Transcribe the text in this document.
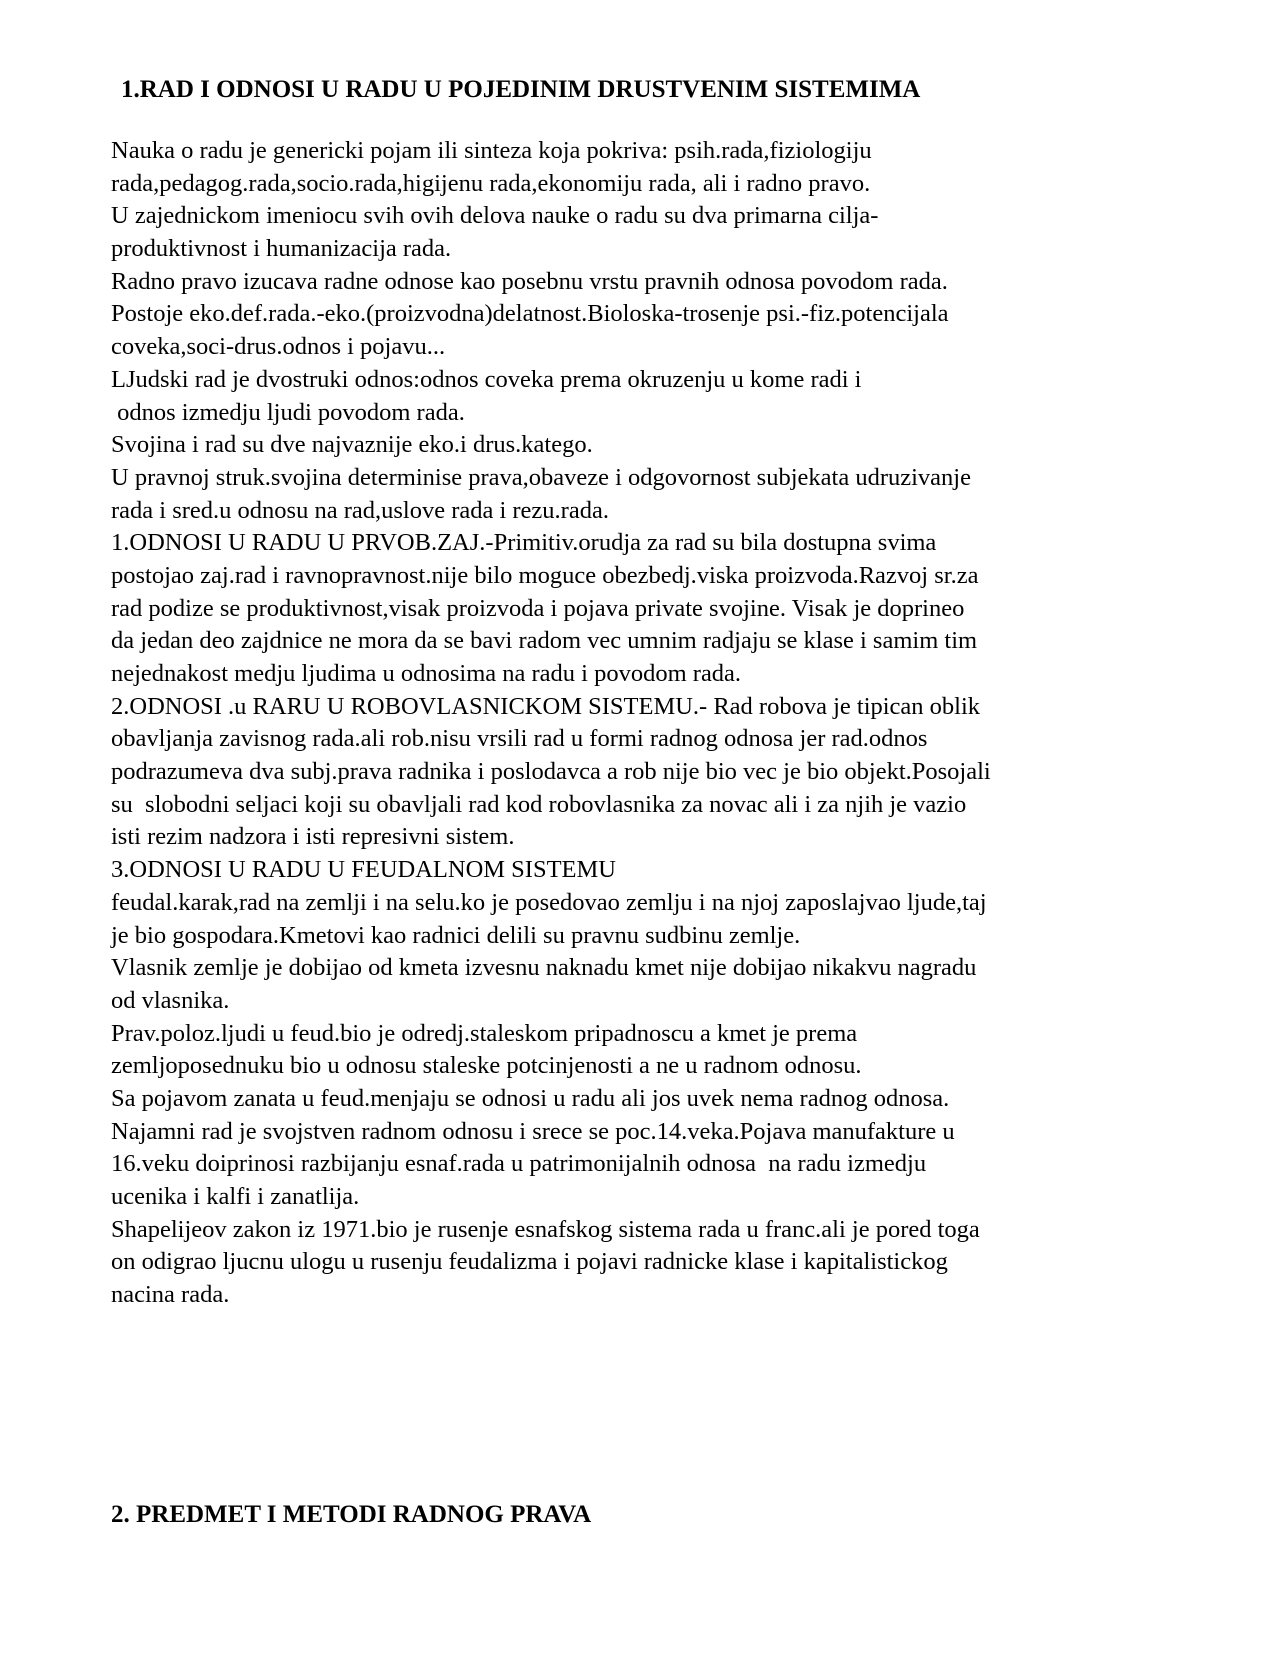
1.RAD I ODNOSI U RADU U POJEDINIM DRUSTVENIM SISTEMIMA
Nauka o radu je genericki pojam ili sinteza koja pokriva: psih.rada,fiziologiju
rada,pedagog.rada,socio.rada,higijenu rada,ekonomiju rada, ali i radno pravo.
U zajednickom imeniocu svih ovih delova nauke o radu su dva primarna cilja-
produktivnost i humanizacija rada.
Radno pravo izucava radne odnose kao posebnu vrstu pravnih odnosa povodom rada.
Postoje eko.def.rada.-eko.(proizvodna)delatnost.Bioloska-trosenje psi.-fiz.potencijala
coveka,soci-drus.odnos i pojavu...
LJudski rad je dvostruki odnos:odnos coveka prema okruzenju u kome radi i
odnos izmedju ljudi povodom rada.
Svojina i rad su dve najvaznije eko.i drus.katego.
U pravnoj struk.svojina determinise prava,obaveze i odgovornost subjekata udruzivanje
rada i sred.u odnosu na rad,uslove rada i rezu.rada.
1.ODNOSI U RADU U PRVOB.ZAJ.-Primitiv.orudja za rad su bila dostupna svima
postojao zaj.rad i ravnopravnost.nije bilo moguce obezbedj.viska proizvoda.Razvoj sr.za
rad podize se produktivnost,visak proizvoda i pojava private svojine. Visak je doprineo
da jedan deo zajdnice ne mora da se bavi radom vec umnim radjaju se klase i samim tim
nejednakost medju ljudima u odnosima na radu i povodom rada.
2.ODNOSI .u RARU U ROBOVLASNICKOM SISTEMU.- Rad robova je tipican oblik
obavljanja zavisnog rada.ali rob.nisu vrsili rad u formi radnog odnosa jer rad.odnos
podrazumeva dva subj.prava radnika i poslodavca a rob nije bio vec je bio objekt.Posojali
su  slobodni seljaci koji su obavljali rad kod robovlasnika za novac ali i za njih je vazio
isti rezim nadzora i isti represivni sistem.
3.ODNOSI U RADU U FEUDALNOM SISTEMU
feudal.karak,rad na zemlji i na selu.ko je posedovao zemlju i na njoj zaposlajvao ljude,taj
je bio gospodara.Kmetovi kao radnici delili su pravnu sudbinu zemlje.
Vlasnik zemlje je dobijao od kmeta izvesnu naknadu kmet nije dobijao nikakvu nagradu
od vlasnika.
Prav.poloz.ljudi u feud.bio je odredj.staleskom pripadnoscu a kmet je prema
zemljoposednuku bio u odnosu staleske potcinjenosti a ne u radnom odnosu.
Sa pojavom zanata u feud.menjaju se odnosi u radu ali jos uvek nema radnog odnosa.
Najamni rad je svojstven radnom odnosu i srece se poc.14.veka.Pojava manufakture u
16.veku doiprinosi razbijanju esnaf.rada u patrimonijalnih odnosa  na radu izmedju
ucenika i kalfi i zanatlija.
Shapelijeov zakon iz 1971.bio je rusenje esnafskog sistema rada u franc.ali je pored toga
on odigrao ljucnu ulogu u rusenju feudalizma i pojavi radnicke klase i kapitalistickog
nacina rada.
2. PREDMET I METODI RADNOG PRAVA
